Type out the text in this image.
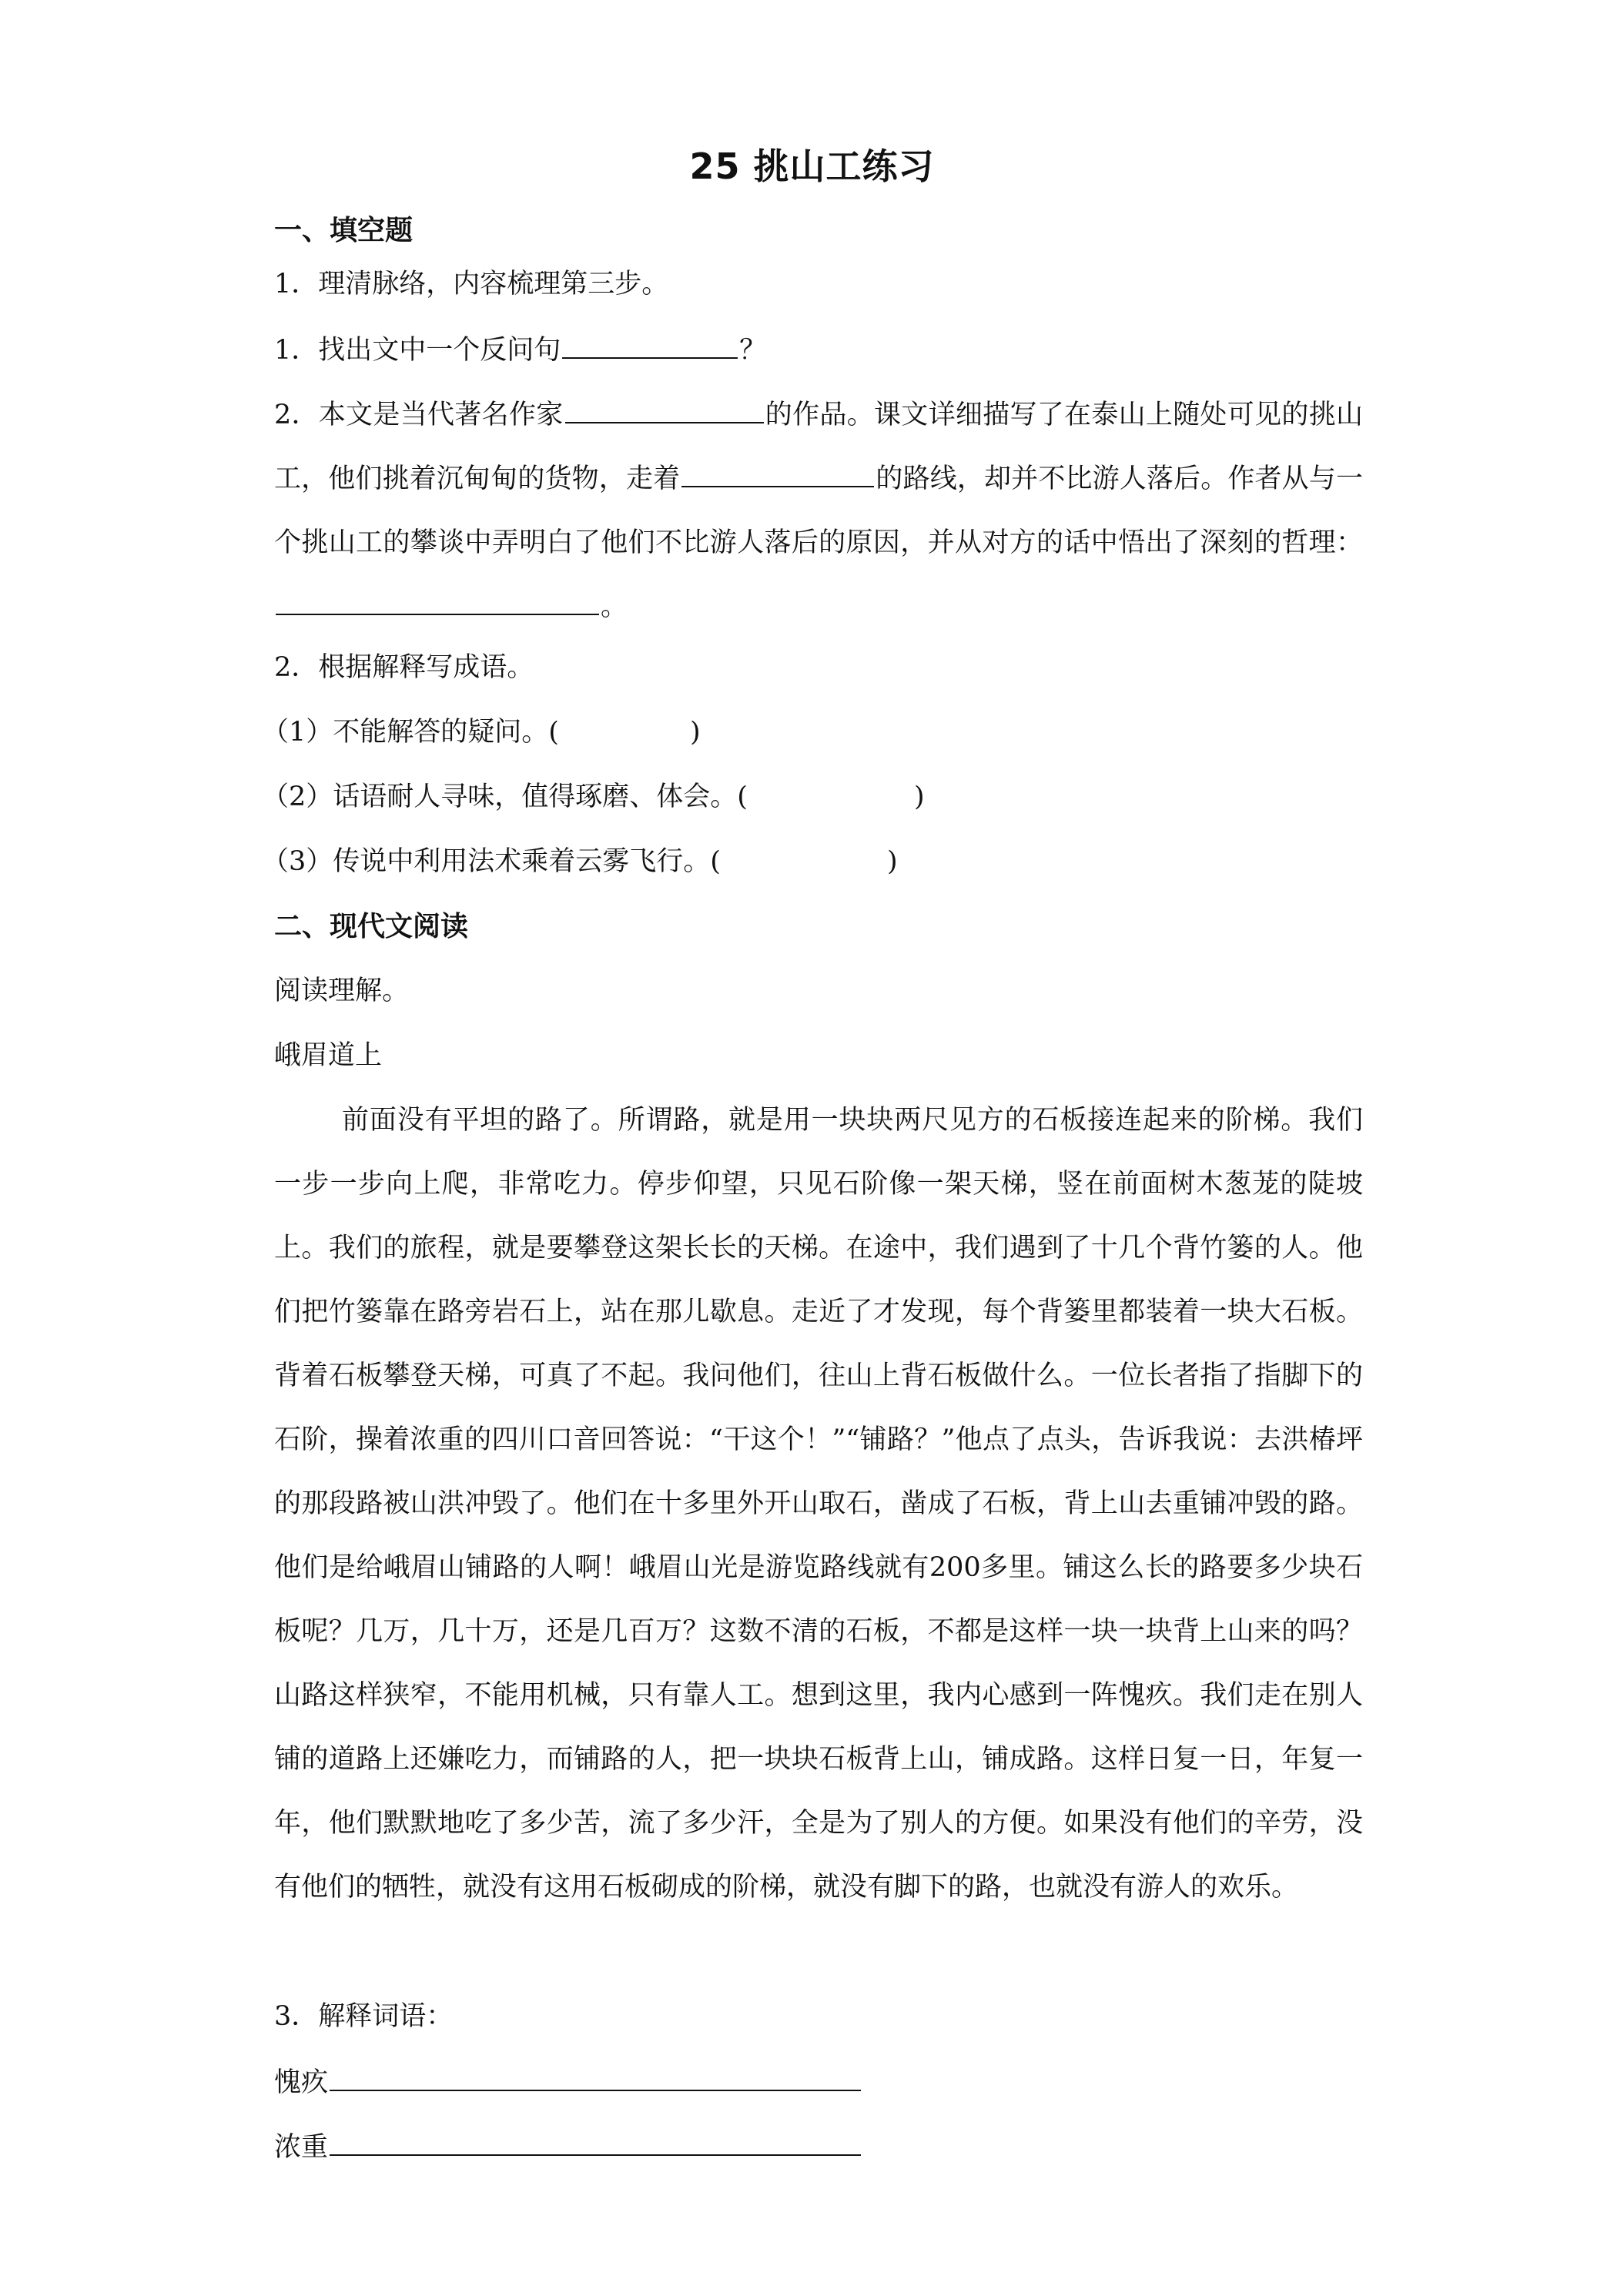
25 挑山工练习
一、填空题
1．理清脉络，内容梳理第三步。
1．找出文中一个反问句	？
2．本文是当代著名作家	的作品。课文详细描写了在泰山上随处可见的挑山工，他们挑着沉甸甸的货物，走着	的路线，却并不比游人落后。作者从与一个挑山工的攀谈中弄明白了他们不比游人落后的原因，并从对方的话中悟出了深刻的哲理：。
2．根据解释写成语。
（1）不能解答的疑问。(	)
（2）话语耐人寻味，值得琢磨、体会。(	)
（3）传说中利用法术乘着云雾飞行。(	)
二、现代文阅读
阅读理解。
峨眉道上
前面没有平坦的路了。所谓路，就是用一块块两尺见方的石板接连起来的阶梯。我们一步一步向上爬，非常吃力。停步仰望，只见石阶像一架天梯，竖在前面树木葱茏的陡坡上。我们的旅程，就是要攀登这架长长的天梯。在途中，我们遇到了十几个背竹篓的人。他们把竹篓靠在路旁岩石上，站在那儿歇息。走近了才发现，每个背篓里都装着一块大石板。背着石板攀登天梯，可真了不起。我问他们，往山上背石板做什么。一位长者指了指脚下的石阶，操着浓重的四川口音回答说：“干这个！”“铺路？”他点了点头，告诉我说：去洪椿坪的那段路被山洪冲毁了。他们在十多里外开山取石，凿成了石板，背上山去重铺冲毁的路。他们是给峨眉山铺路的人啊！峨眉山光是游览路线就有200多里。铺这么长的路要多少块石板呢？几万，几十万，还是几百万？这数不清的石板，不都是这样一块一块背上山来的吗？山路这样狭窄，不能用机械，只有靠人工。想到这里，我内心感到一阵愧疚。我们走在别人铺的道路上还嫌吃力，而铺路的人，把一块块石板背上山，铺成路。这样日复一日，年复一年，他们默默地吃了多少苦，流了多少汗，全是为了别人的方便。如果没有他们的辛劳，没有他们的牺牲，就没有这用石板砌成的阶梯，就没有脚下的路，也就没有游人的欢乐。
3．解释词语：
愧疚
浓重
